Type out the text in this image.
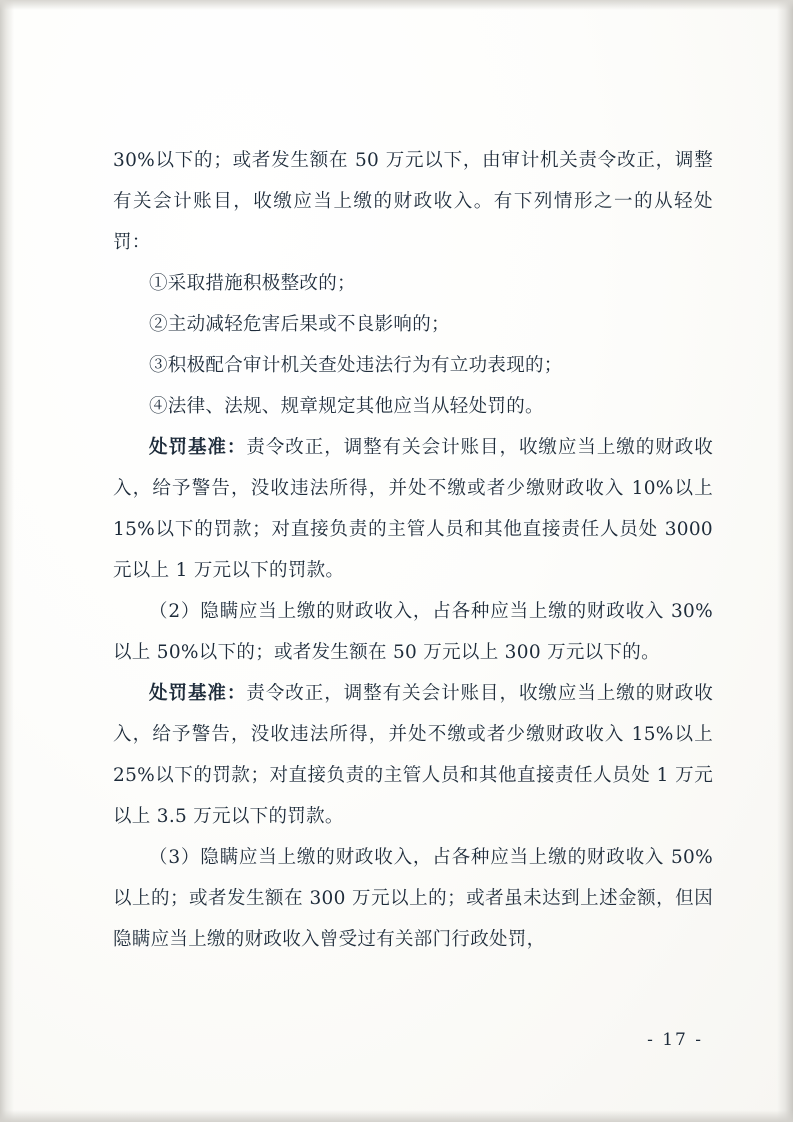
30%以下的；或者发生额在 50 万元以下，由审计机关责令改正，调整有关会计账目，收缴应当上缴的财政收入。有下列情形之一的从轻处罚：

①采取措施积极整改的；

②主动减轻危害后果或不良影响的；

③积极配合审计机关查处违法行为有立功表现的；

④法律、法规、规章规定其他应当从轻处罚的。

处罚基准：责令改正，调整有关会计账目，收缴应当上缴的财政收入，给予警告，没收违法所得，并处不缴或者少缴财政收入 10%以上 15%以下的罚款；对直接负责的主管人员和其他直接责任人员处 3000 元以上 1 万元以下的罚款。

（2）隐瞒应当上缴的财政收入，占各种应当上缴的财政收入 30%以上 50%以下的；或者发生额在 50 万元以上 300 万元以下的。

处罚基准：责令改正，调整有关会计账目，收缴应当上缴的财政收入，给予警告，没收违法所得，并处不缴或者少缴财政收入 15%以上 25%以下的罚款；对直接负责的主管人员和其他直接责任人员处 1 万元以上 3.5 万元以下的罚款。

（3）隐瞒应当上缴的财政收入，占各种应当上缴的财政收入 50%以上的；或者发生额在 300 万元以上的；或者虽未达到上述金额，但因隐瞒应当上缴的财政收入曾受过有关部门行政处罚，

- 17 -
